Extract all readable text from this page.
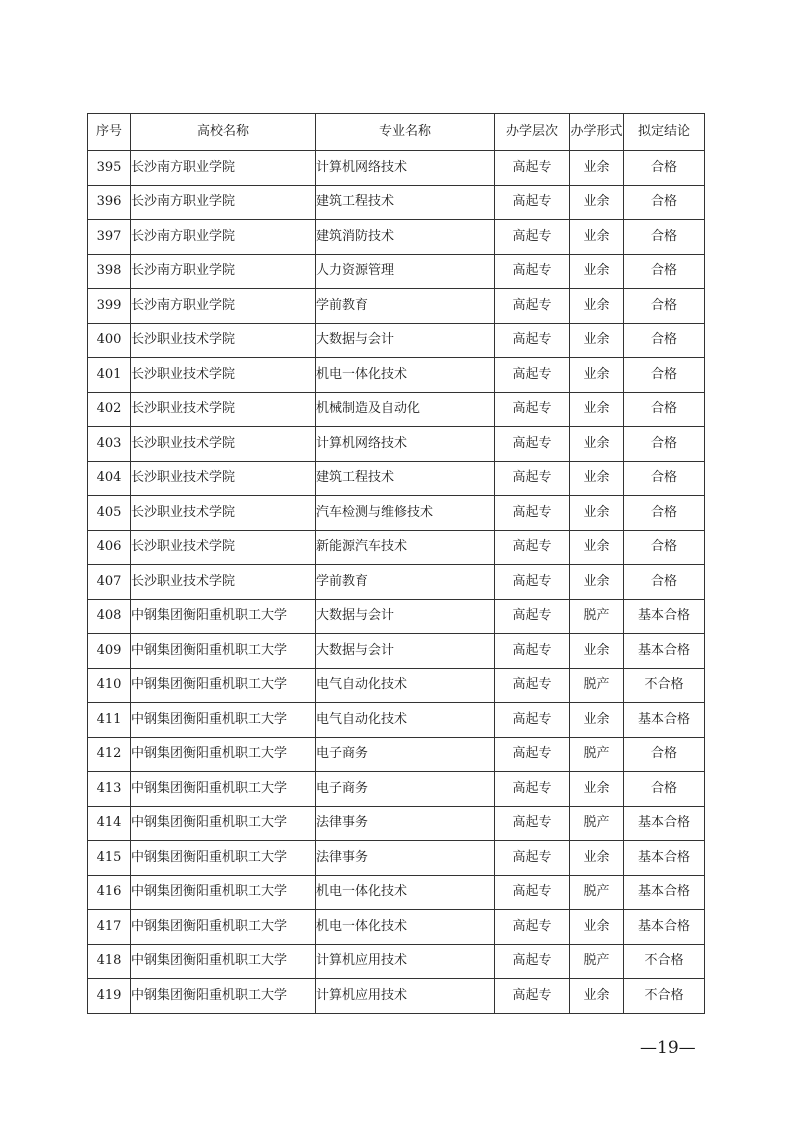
序号	高校名称	专业名称	办学层次	办学形式	拟定结论
395	长沙南方职业学院	计算机网络技术	高起专	业余	合格
396	长沙南方职业学院	建筑工程技术	高起专	业余	合格
397	长沙南方职业学院	建筑消防技术	高起专	业余	合格
398	长沙南方职业学院	人力资源管理	高起专	业余	合格
399	长沙南方职业学院	学前教育	高起专	业余	合格
400	长沙职业技术学院	大数据与会计	高起专	业余	合格
401	长沙职业技术学院	机电一体化技术	高起专	业余	合格
402	长沙职业技术学院	机械制造及自动化	高起专	业余	合格
403	长沙职业技术学院	计算机网络技术	高起专	业余	合格
404	长沙职业技术学院	建筑工程技术	高起专	业余	合格
405	长沙职业技术学院	汽车检测与维修技术	高起专	业余	合格
406	长沙职业技术学院	新能源汽车技术	高起专	业余	合格
407	长沙职业技术学院	学前教育	高起专	业余	合格
408	中钢集团衡阳重机职工大学	大数据与会计	高起专	脱产	基本合格
409	中钢集团衡阳重机职工大学	大数据与会计	高起专	业余	基本合格
410	中钢集团衡阳重机职工大学	电气自动化技术	高起专	脱产	不合格
411	中钢集团衡阳重机职工大学	电气自动化技术	高起专	业余	基本合格
412	中钢集团衡阳重机职工大学	电子商务	高起专	脱产	合格
413	中钢集团衡阳重机职工大学	电子商务	高起专	业余	合格
414	中钢集团衡阳重机职工大学	法律事务	高起专	脱产	基本合格
415	中钢集团衡阳重机职工大学	法律事务	高起专	业余	基本合格
416	中钢集团衡阳重机职工大学	机电一体化技术	高起专	脱产	基本合格
417	中钢集团衡阳重机职工大学	机电一体化技术	高起专	业余	基本合格
418	中钢集团衡阳重机职工大学	计算机应用技术	高起专	脱产	不合格
419	中钢集团衡阳重机职工大学	计算机应用技术	高起专	业余	不合格
—19—
